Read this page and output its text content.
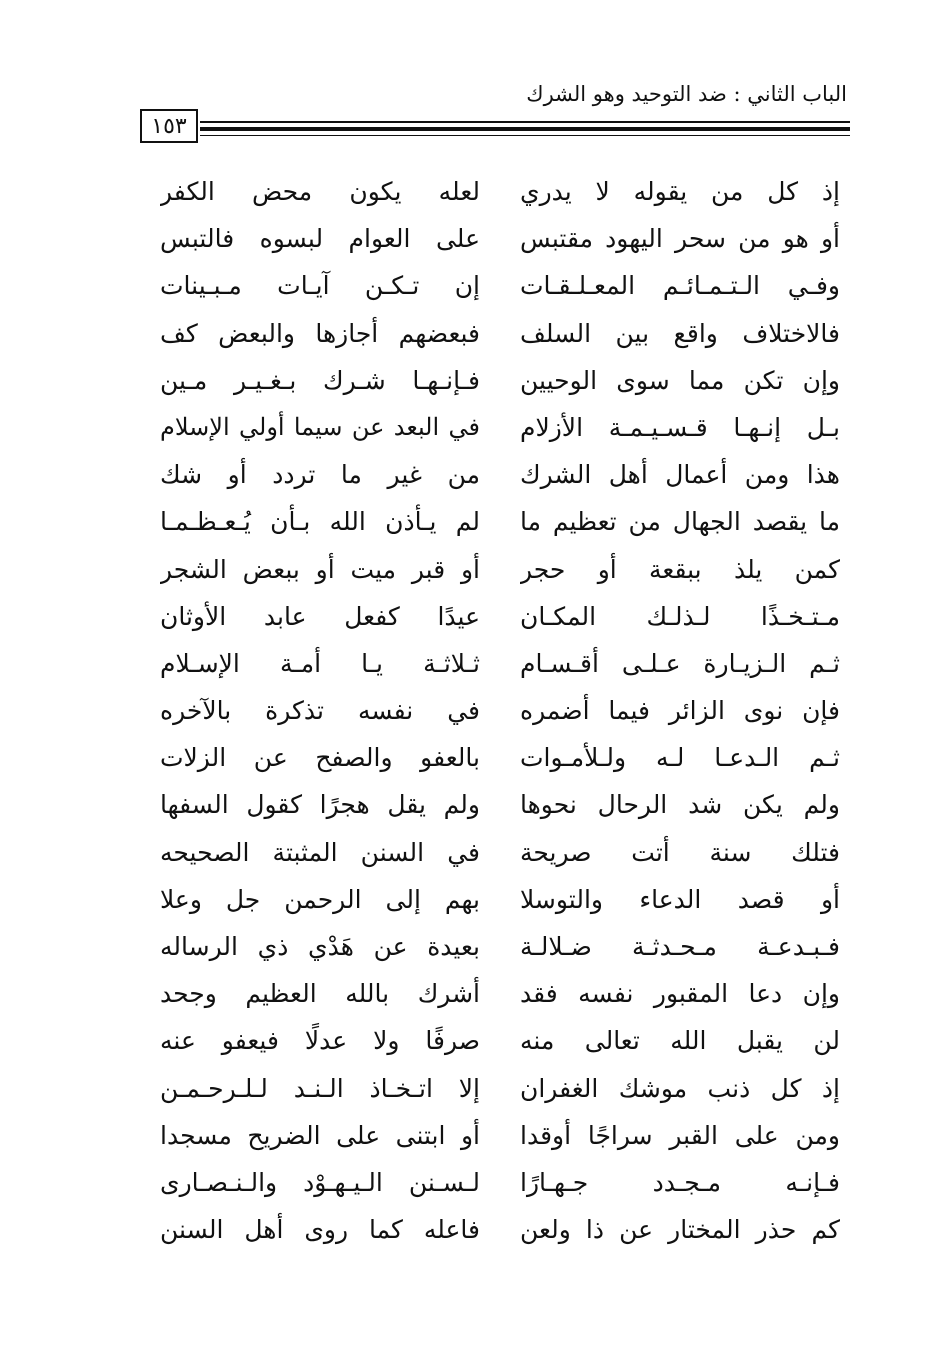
الباب الثاني : ضد التوحيد وهو الشرك
١٥٣
إذ كل من يقوله لا يدري
لعله يكون محض الكفر
أو هو من سحر اليهود مقتبس
على العوام لبسوه فالتبس
وفـي الـتـمـائـم المعـلـقـات
إن تـكـن آيـات مـبـينات
فالاختلاف واقع بين السلف
فبعضهم أجازها والبعض كف
وإن تكن مما سوى الوحيين
فـإنـهـا شـرك بـغـيـر مـين
بـل إنـهـا قـسـيـمـة الأزلام
في البعد عن سيما أولي الإسلام
هذا ومن أعمال أهل الشرك
من غير ما تردد أو شك
ما يقصد الجهال من تعظيم ما
لم يـأذن الله بـأن يُـعـظـمـا
كمن يلذ ببقعة أو حجر
أو قبر ميت أو ببعض الشجر
مـتـخـذًا لـذلـك المكـان
عيدًا كفعل عابد الأوثان
ثـم الـزيـارة عـلـى أقـسـام
ثـلاثـة يـا أمـة الإسـلام
فإن نوى الزائر فيما أضمره
في نفسه تذكرة بالآخره
ثـم الـدعـا لـه ولـلأمـوات
بالعفو والصفح عن الزلات
ولم يكن شد الرحال نحوها
ولم يقل هجرًا كقول السفها
فتلك سنة أتت صريحة
في السنن المثبتة الصحيحه
أو قصد الدعاء والتوسلا
بهم إلى الرحمن جل وعلا
فـبـدعـة مـحـدثـة ضـلالـة
بعيدة عن هَدْي ذي الرساله
وإن دعا المقبور نفسه فقد
أشرك بالله العظيم وجحد
لن يقبل الله تعالى منه
صرفًا ولا عدلًا فيعفو عنه
إذ كل ذنب موشك الغفران
إلا اتـخـاذ الـنـد لـلـرحـمـن
ومن على القبر سراجًا أوقدا
أو ابتنى على الضريح مسجدا
فـإنـه مـجـدد جـهـارًا
لـسـنن الـيـهـوْد والـنـصـارى
كم حذر المختار عن ذا ولعن
فاعله كما روى أهل السنن
